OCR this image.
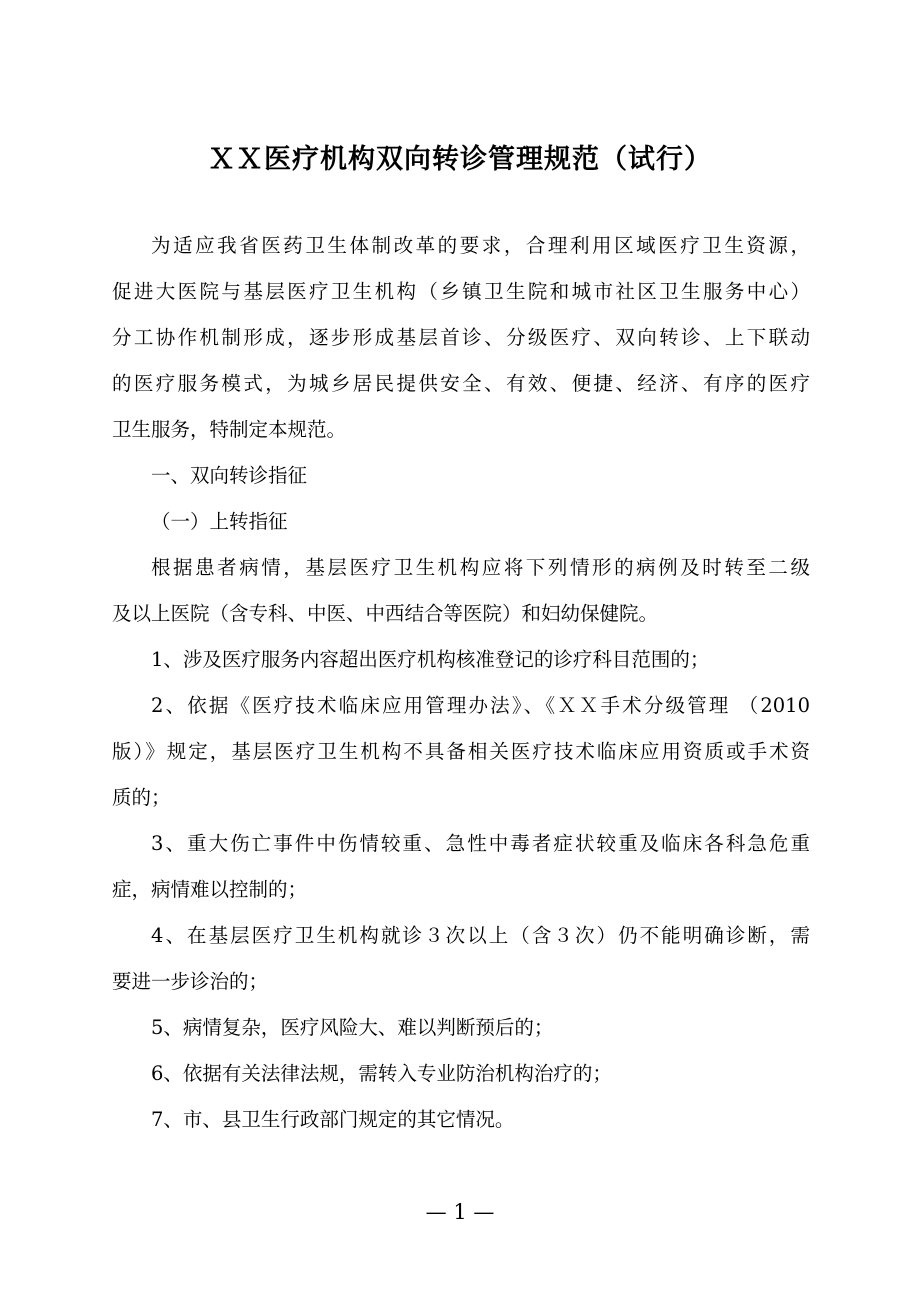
ＸＸ医疗机构双向转诊管理规范（试行）
为适应我省医药卫生体制改革的要求，合理利用区域医疗卫生资源，
促进大医院与基层医疗卫生机构（乡镇卫生院和城市社区卫生服务中心）
分工协作机制形成，逐步形成基层首诊、分级医疗、双向转诊、上下联动
的医疗服务模式，为城乡居民提供安全、有效、便捷、经济、有序的医疗
卫生服务，特制定本规范。
一、双向转诊指征
（一）上转指征
根据患者病情，基层医疗卫生机构应将下列情形的病例及时转至二级
及以上医院（含专科、中医、中西结合等医院）和妇幼保健院。
1、涉及医疗服务内容超出医疗机构核准登记的诊疗科目范围的；
2、依据《医疗技术临床应用管理办法》、《ＸＸ手术分级管理 （2010
版）》规定，基层医疗卫生机构不具备相关医疗技术临床应用资质或手术资
质的；
3、重大伤亡事件中伤情较重、急性中毒者症状较重及临床各科急危重
症，病情难以控制的；
4、在基层医疗卫生机构就诊３次以上（含３次）仍不能明确诊断，需
要进一步诊治的；
5、病情复杂，医疗风险大、难以判断预后的；
6、依据有关法律法规，需转入专业防治机构治疗的；
7、市、县卫生行政部门规定的其它情况。
— 1 —
